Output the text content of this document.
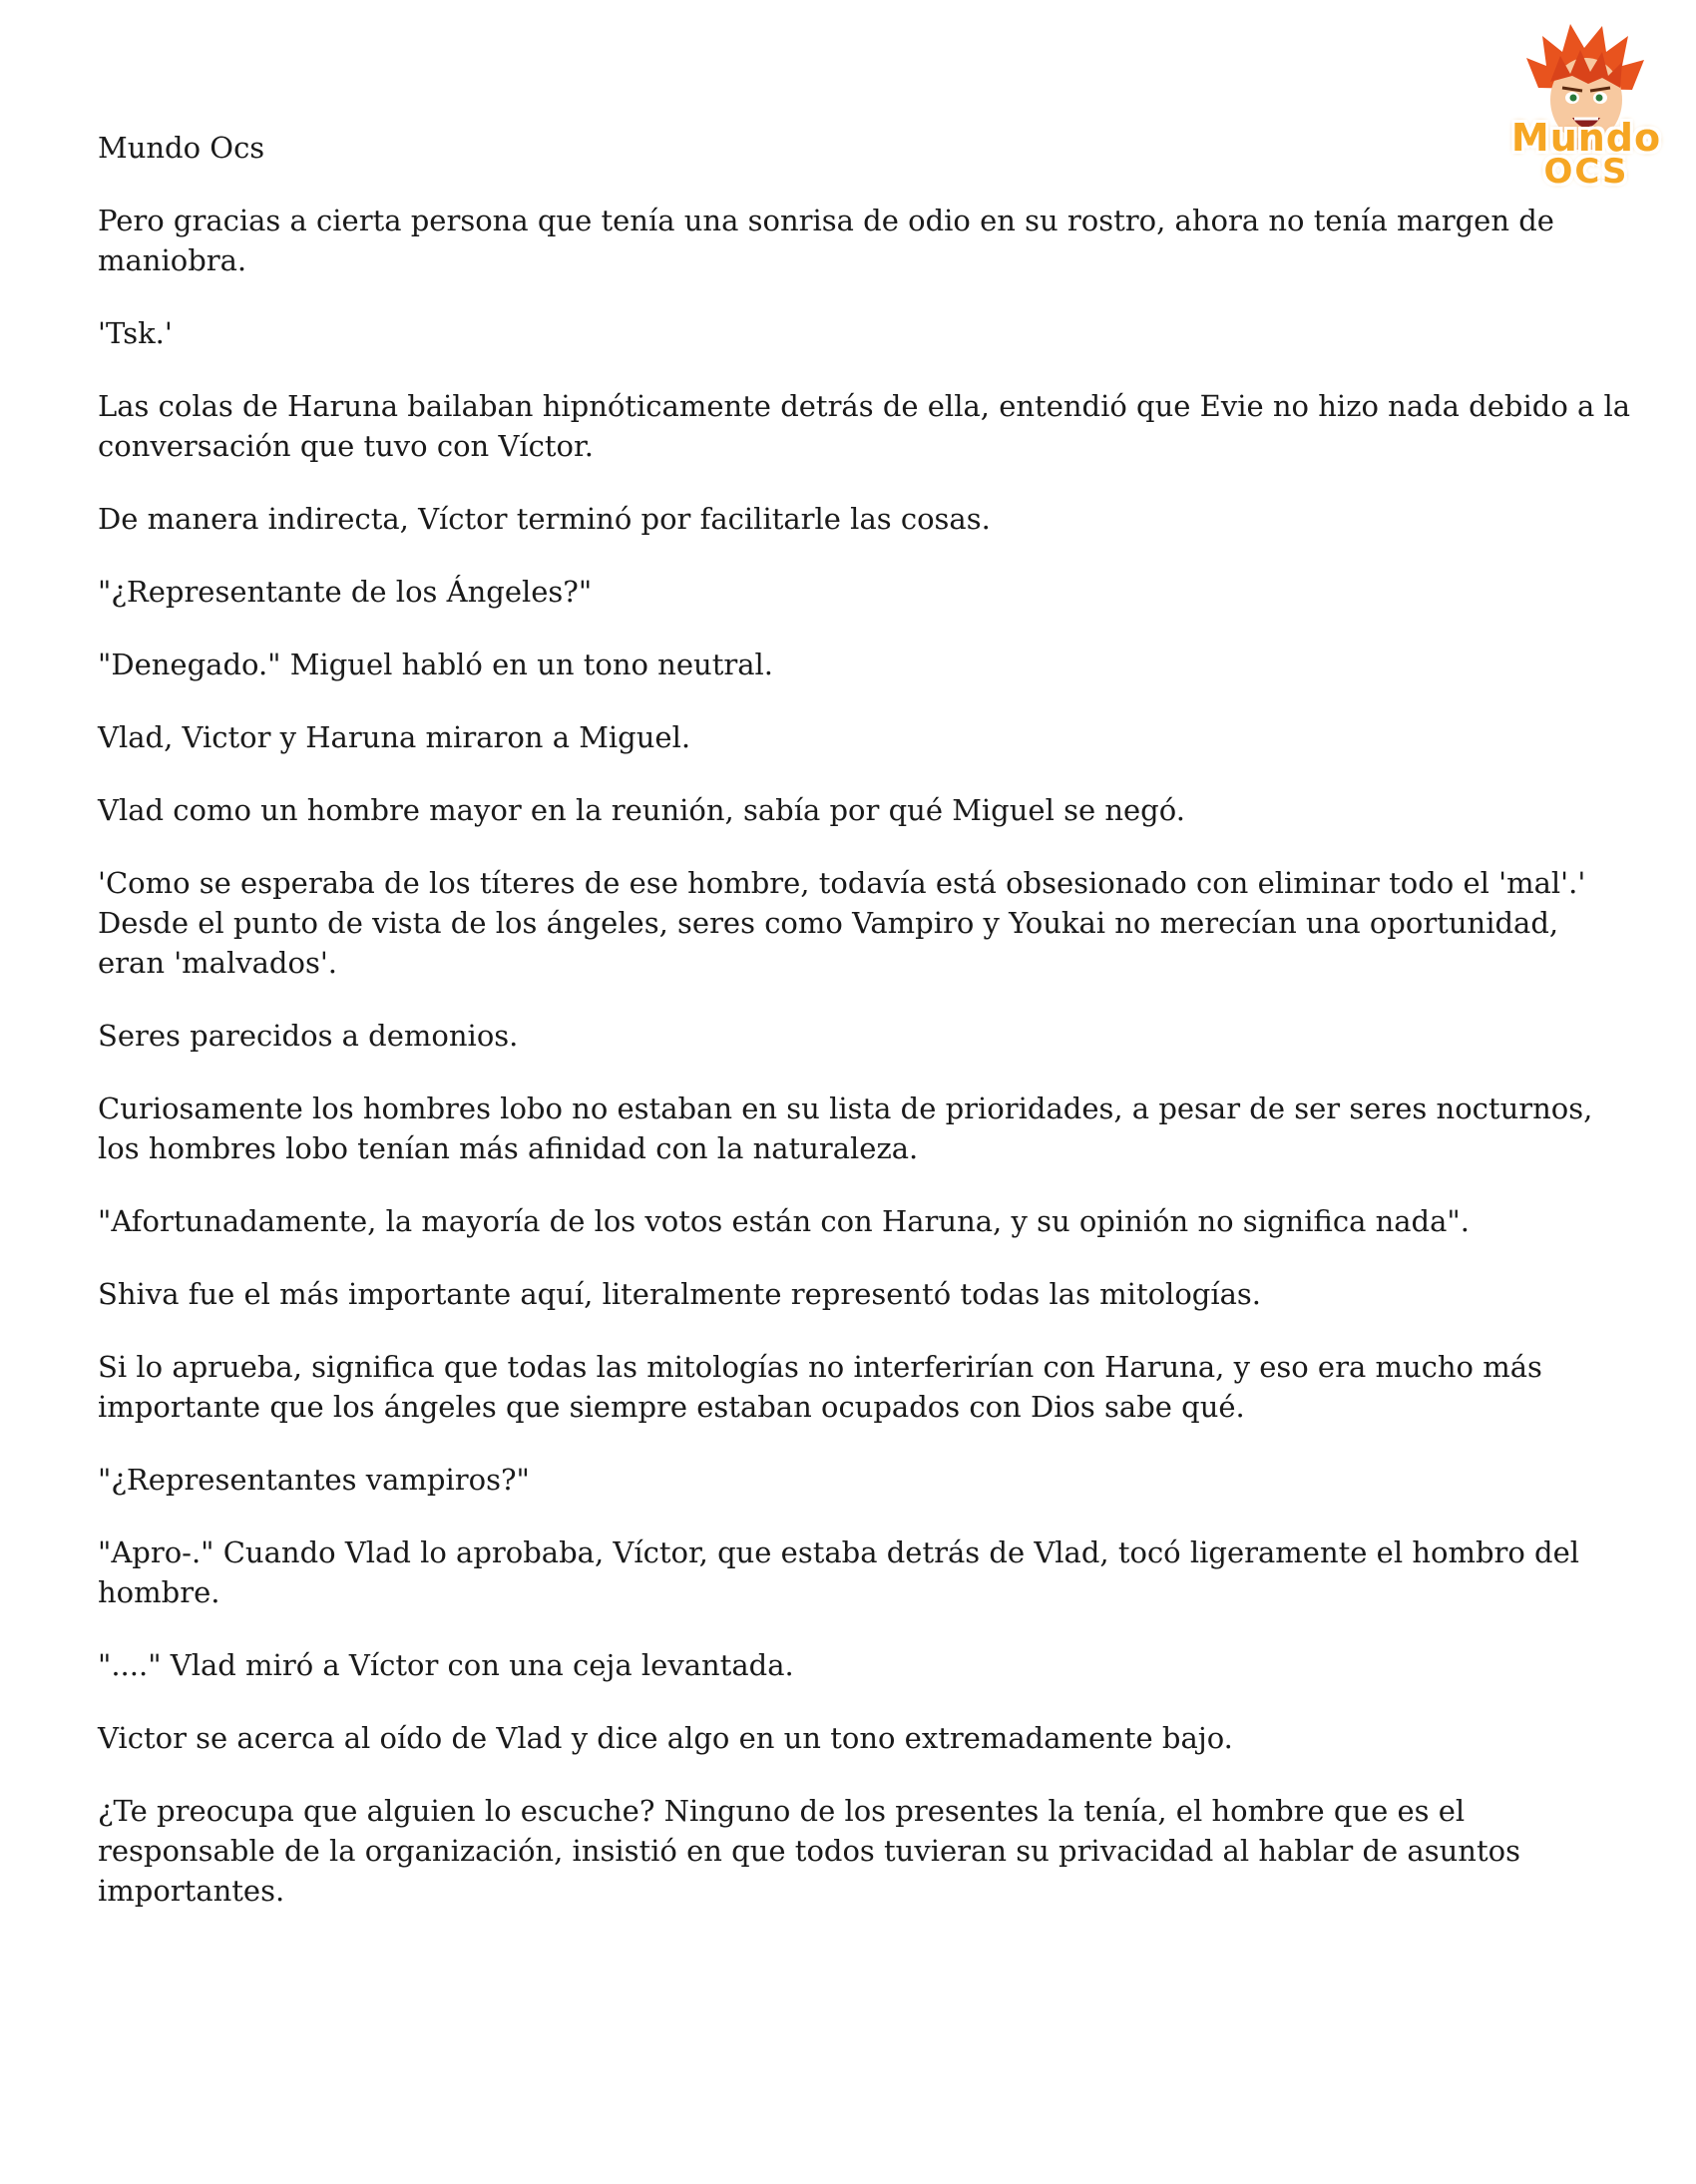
Mundo
OCS

Mundo Ocs

Pero gracias a cierta persona que tenía una sonrisa de odio en su rostro, ahora no tenía margen de maniobra.

'Tsk.'

Las colas de Haruna bailaban hipnóticamente detrás de ella, entendió que Evie no hizo nada debido a la conversación que tuvo con Víctor.

De manera indirecta, Víctor terminó por facilitarle las cosas.

"¿Representante de los Ángeles?"

"Denegado." Miguel habló en un tono neutral.

Vlad, Victor y Haruna miraron a Miguel.

Vlad como un hombre mayor en la reunión, sabía por qué Miguel se negó.

'Como se esperaba de los títeres de ese hombre, todavía está obsesionado con eliminar todo el 'mal'.' Desde el punto de vista de los ángeles, seres como Vampiro y Youkai no merecían una oportunidad, eran 'malvados'.

Seres parecidos a demonios.

Curiosamente los hombres lobo no estaban en su lista de prioridades, a pesar de ser seres nocturnos, los hombres lobo tenían más afinidad con la naturaleza.

"Afortunadamente, la mayoría de los votos están con Haruna, y su opinión no significa nada".

Shiva fue el más importante aquí, literalmente representó todas las mitologías.

Si lo aprueba, significa que todas las mitologías no interferirían con Haruna, y eso era mucho más importante que los ángeles que siempre estaban ocupados con Dios sabe qué.

"¿Representantes vampiros?"

"Apro-." Cuando Vlad lo aprobaba, Víctor, que estaba detrás de Vlad, tocó ligeramente el hombro del hombre.

"...." Vlad miró a Víctor con una ceja levantada.

Victor se acerca al oído de Vlad y dice algo en un tono extremadamente bajo.

¿Te preocupa que alguien lo escuche? Ninguno de los presentes la tenía, el hombre que es el responsable de la organización, insistió en que todos tuvieran su privacidad al hablar de asuntos importantes.
